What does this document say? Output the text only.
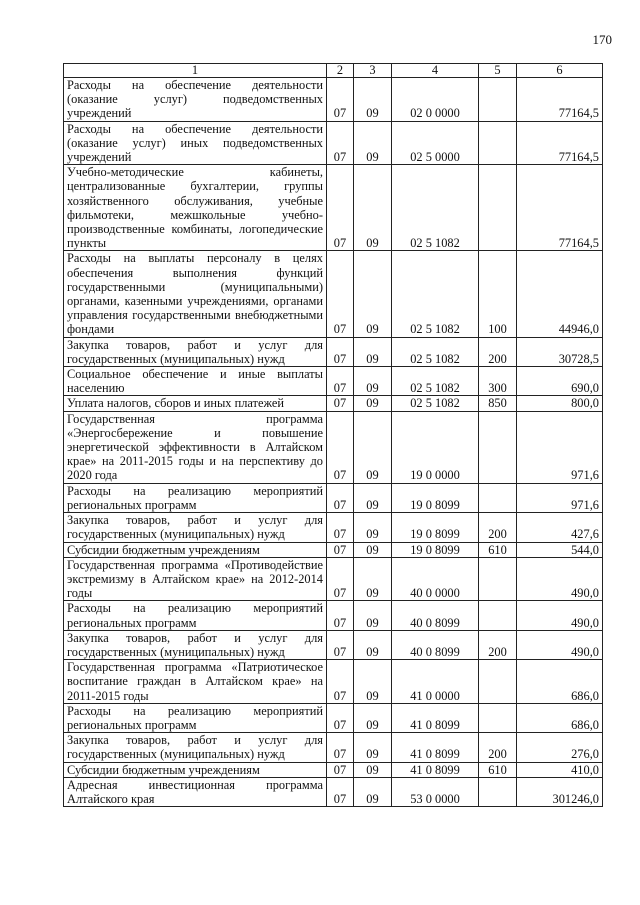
170
1	2	3	4	5	6
Расходы на обеспечение деятельности (оказание услуг) подведомственных учреждений	07	09	02 0 0000		77164,5
Расходы на обеспечение деятельности (оказание услуг) иных подведомственных учреждений	07	09	02 5 0000		77164,5
Учебно-методические кабинеты, централизованные бухгалтерии, группы хозяйственного обслуживания, учебные фильмотеки, межшкольные учебно-производственные комбинаты, логопедические пункты	07	09	02 5 1082		77164,5
Расходы на выплаты персоналу в целях обеспечения выполнения функций государственными (муниципальными) органами, казенными учреждениями, органами управления государственными внебюджетными фондами	07	09	02 5 1082	100	44946,0
Закупка товаров, работ и услуг для государственных (муниципальных) нужд	07	09	02 5 1082	200	30728,5
Социальное обеспечение и иные выплаты населению	07	09	02 5 1082	300	690,0
Уплата налогов, сборов и иных платежей	07	09	02 5 1082	850	800,0
Государственная программа «Энергосбережение и повышение энергетической эффективности в Алтайском крае» на 2011-2015 годы и на перспективу до 2020 года	07	09	19 0 0000		971,6
Расходы на реализацию мероприятий региональных программ	07	09	19 0 8099		971,6
Закупка товаров, работ и услуг для государственных (муниципальных) нужд	07	09	19 0 8099	200	427,6
Субсидии бюджетным учреждениям	07	09	19 0 8099	610	544,0
Государственная программа «Противодействие экстремизму в Алтайском крае» на 2012-2014 годы	07	09	40 0 0000		490,0
Расходы на реализацию мероприятий региональных программ	07	09	40 0 8099		490,0
Закупка товаров, работ и услуг для государственных (муниципальных) нужд	07	09	40 0 8099	200	490,0
Государственная программа «Патриотическое воспитание граждан в Алтайском крае» на 2011-2015 годы	07	09	41 0 0000		686,0
Расходы на реализацию мероприятий региональных программ	07	09	41 0 8099		686,0
Закупка товаров, работ и услуг для государственных (муниципальных) нужд	07	09	41 0 8099	200	276,0
Субсидии бюджетным учреждениям	07	09	41 0 8099	610	410,0
Адресная инвестиционная программа Алтайского края	07	09	53 0 0000		301246,0
